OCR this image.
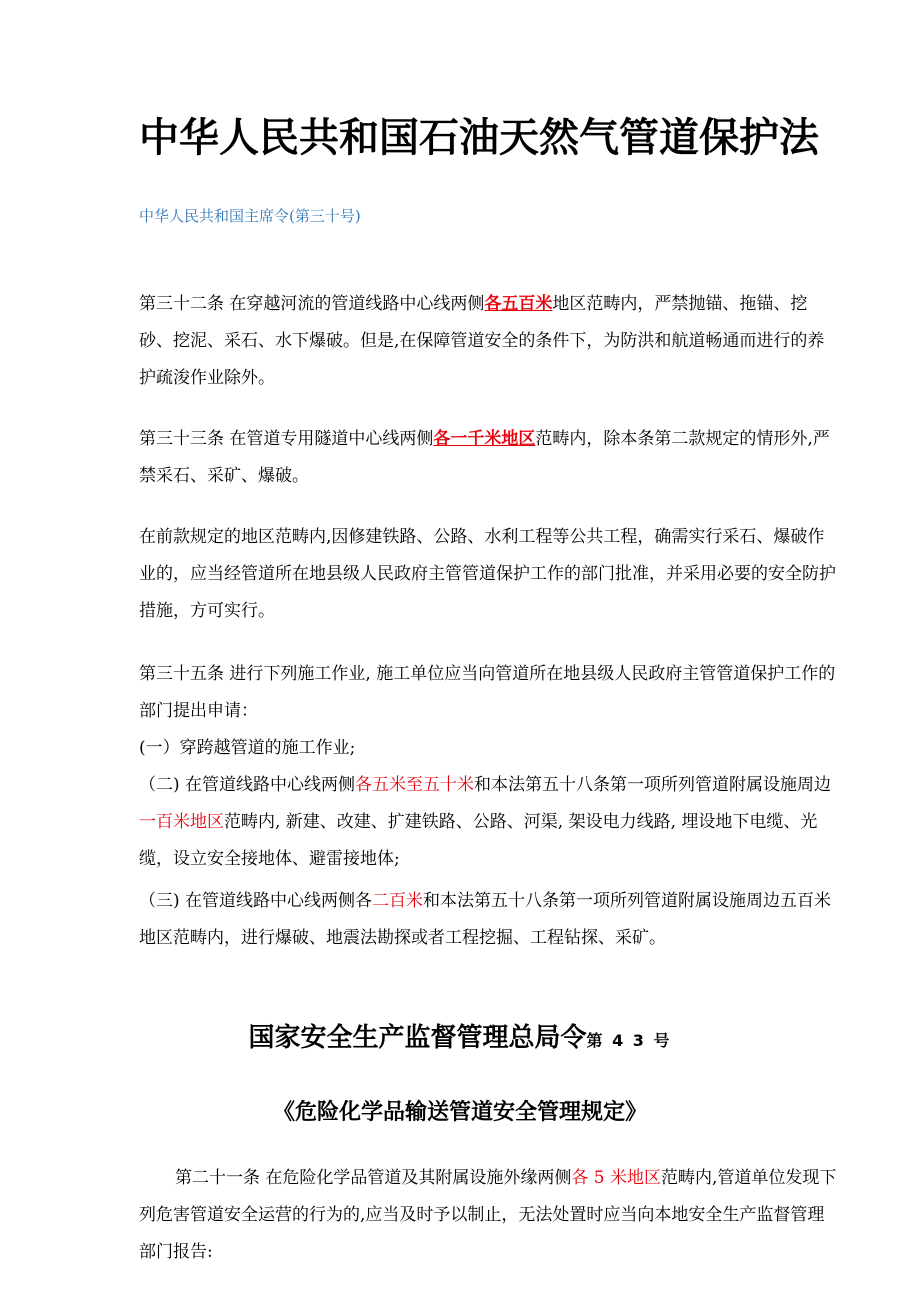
中华人民共和国石油天然气管道保护法
中华人民共和国主席令(第三十号)

第三十二条 在穿越河流的管道线路中心线两侧各五百米地区范畴内，严禁抛锚、拖锚、挖砂、挖泥、采石、水下爆破。但是,在保障管道安全的条件下，为防洪和航道畅通而进行的养护疏浚作业除外。

第三十三条 在管道专用隧道中心线两侧各一千米地区范畴内，除本条第二款规定的情形外,严禁采石、采矿、爆破。

在前款规定的地区范畴内,因修建铁路、公路、水利工程等公共工程，确需实行采石、爆破作业的，应当经管道所在地县级人民政府主管管道保护工作的部门批准，并采用必要的安全防护措施，方可实行。

第三十五条 进行下列施工作业, 施工单位应当向管道所在地县级人民政府主管管道保护工作的部门提出申请：

(一）穿跨越管道的施工作业;

（二) 在管道线路中心线两侧各五米至五十米和本法第五十八条第一项所列管道附属设施周边一百米地区范畴内, 新建、改建、扩建铁路、公路、河渠, 架设电力线路, 埋设地下电缆、光缆，设立安全接地体、避雷接地体;

（三) 在管道线路中心线两侧各二百米和本法第五十八条第一项所列管道附属设施周边五百米地区范畴内，进行爆破、地震法勘探或者工程挖掘、工程钻探、采矿。

国家安全生产监督管理总局令第 4 3 号
《危险化学品输送管道安全管理规定》

第二十一条 在危险化学品管道及其附属设施外缘两侧各 5 米地区范畴内,管道单位发现下列危害管道安全运营的行为的,应当及时予以制止，无法处置时应当向本地安全生产监督管理部门报告:
